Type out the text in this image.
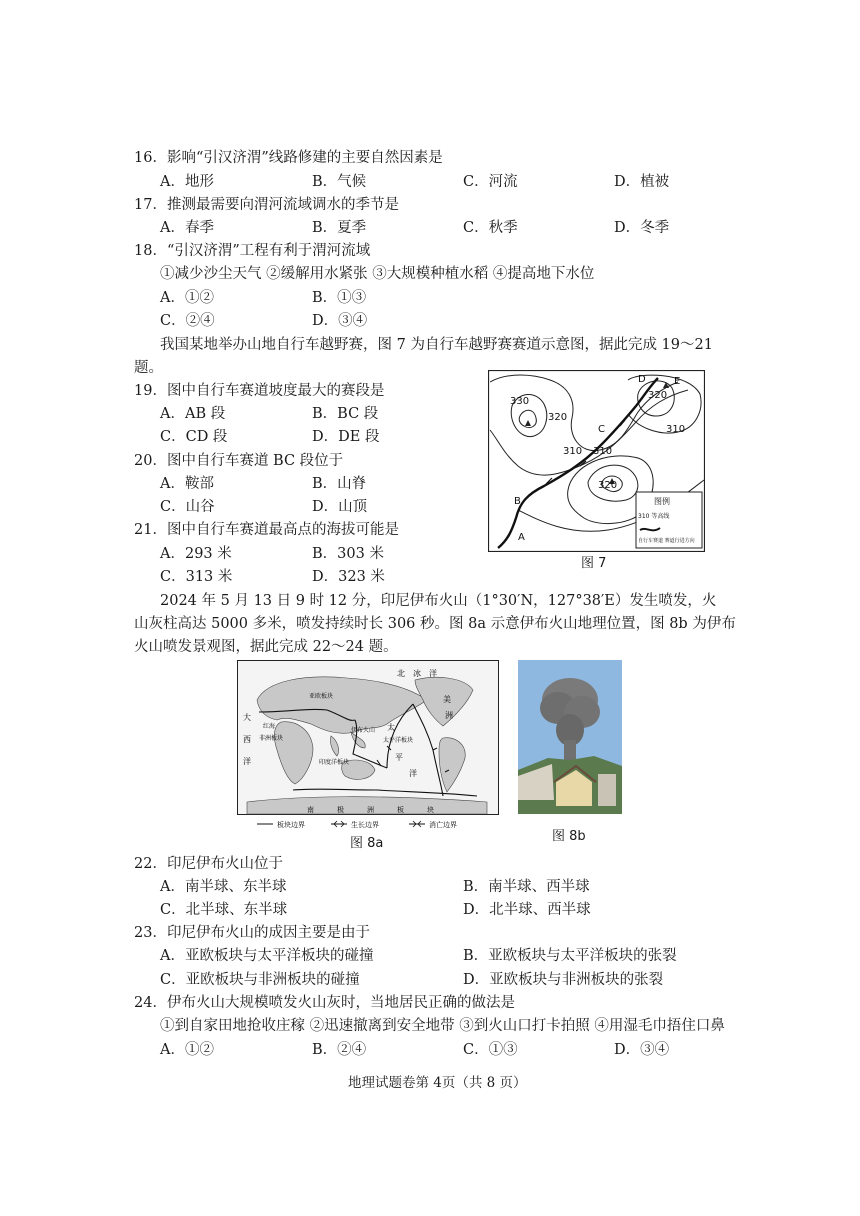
16．影响“引汉济渭”线路修建的主要自然因素是
A．地形	B．气候	C．河流	D．植被
17．推测最需要向渭河流域调水的季节是
A．春季	B．夏季	C．秋季	D．冬季
18．“引汉济渭”工程有利于渭河流域
①减少沙尘天气 ②缓解用水紧张 ③大规模种植水稻 ④提高地下水位
A．①②	B．①③
C．②④	D．③④
我国某地举办山地自行车越野赛，图 7 为自行车越野赛赛道示意图，据此完成 19～21
题。
19．图中自行车赛道坡度最大的赛段是
A．AB 段	B．BC 段
C．CD 段	D．DE 段
20．图中自行车赛道 BC 段位于
A．鞍部	B．山脊
C．山谷	D．山顶
21．图中自行车赛道最高点的海拔可能是
A．293 米	B．303 米
C．313 米	D．323 米
330
320
310 310
320
320
310
A
B
C
D	E
图例
310 等高线
自行车赛道 赛道行进方向
图 7
2024 年 5 月 13 日 9 时 12 分，印尼伊布火山（1°30′N，127°38′E）发生喷发，火
山灰柱高达 5000 多米，喷发持续时长 306 秒。图 8a 示意伊布火山地理位置，图 8b 为伊布
火山喷发景观图，据此完成 22～24 题。
北 冰 洋
亚欧板块	美
洲
太平洋板块
伊布火山
红海
非洲板块
印度洋板块
太
平
洋
大
西
洋
南	极	洲	板	块
板块边界	生长边界	消亡边界
图 8a	图 8b
22．印尼伊布火山位于
A．南半球、东半球	B．南半球、西半球
C．北半球、东半球	D．北半球、西半球
23．印尼伊布火山的成因主要是由于
A．亚欧板块与太平洋板块的碰撞	B．亚欧板块与太平洋板块的张裂
C．亚欧板块与非洲板块的碰撞	D．亚欧板块与非洲板块的张裂
24．伊布火山大规模喷发火山灰时，当地居民正确的做法是
①到自家田地抢收庄稼 ②迅速撤离到安全地带 ③到火山口打卡拍照 ④用湿毛巾捂住口鼻
A．①②	B．②④	C．①③	D．③④
地理试题卷第 4页（共 8 页）
